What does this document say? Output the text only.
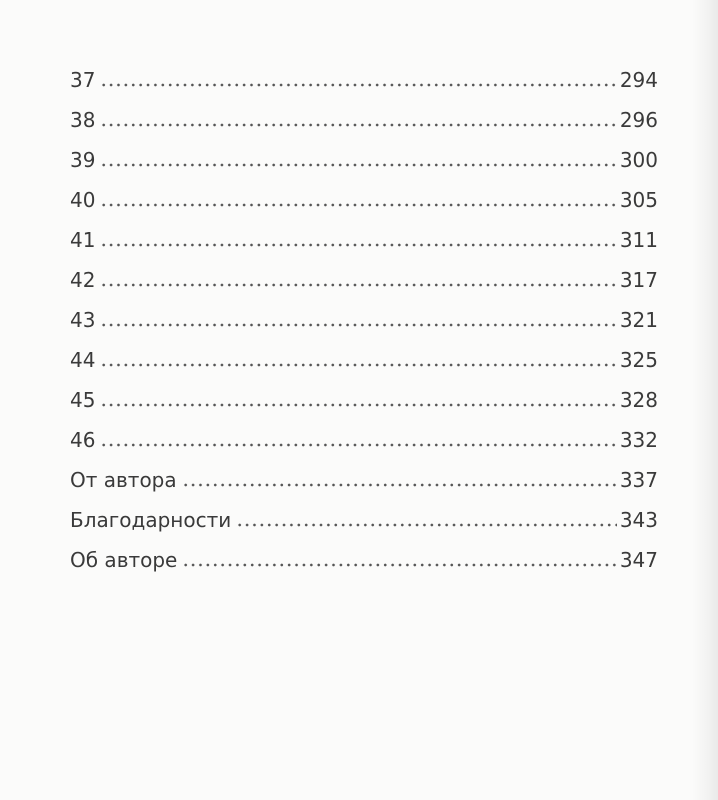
37	294
38	296
39	300
40	305
41	311
42	317
43	321
44	325
45	328
46	332
От автора	337
Благодарности	343
Об авторе	347
